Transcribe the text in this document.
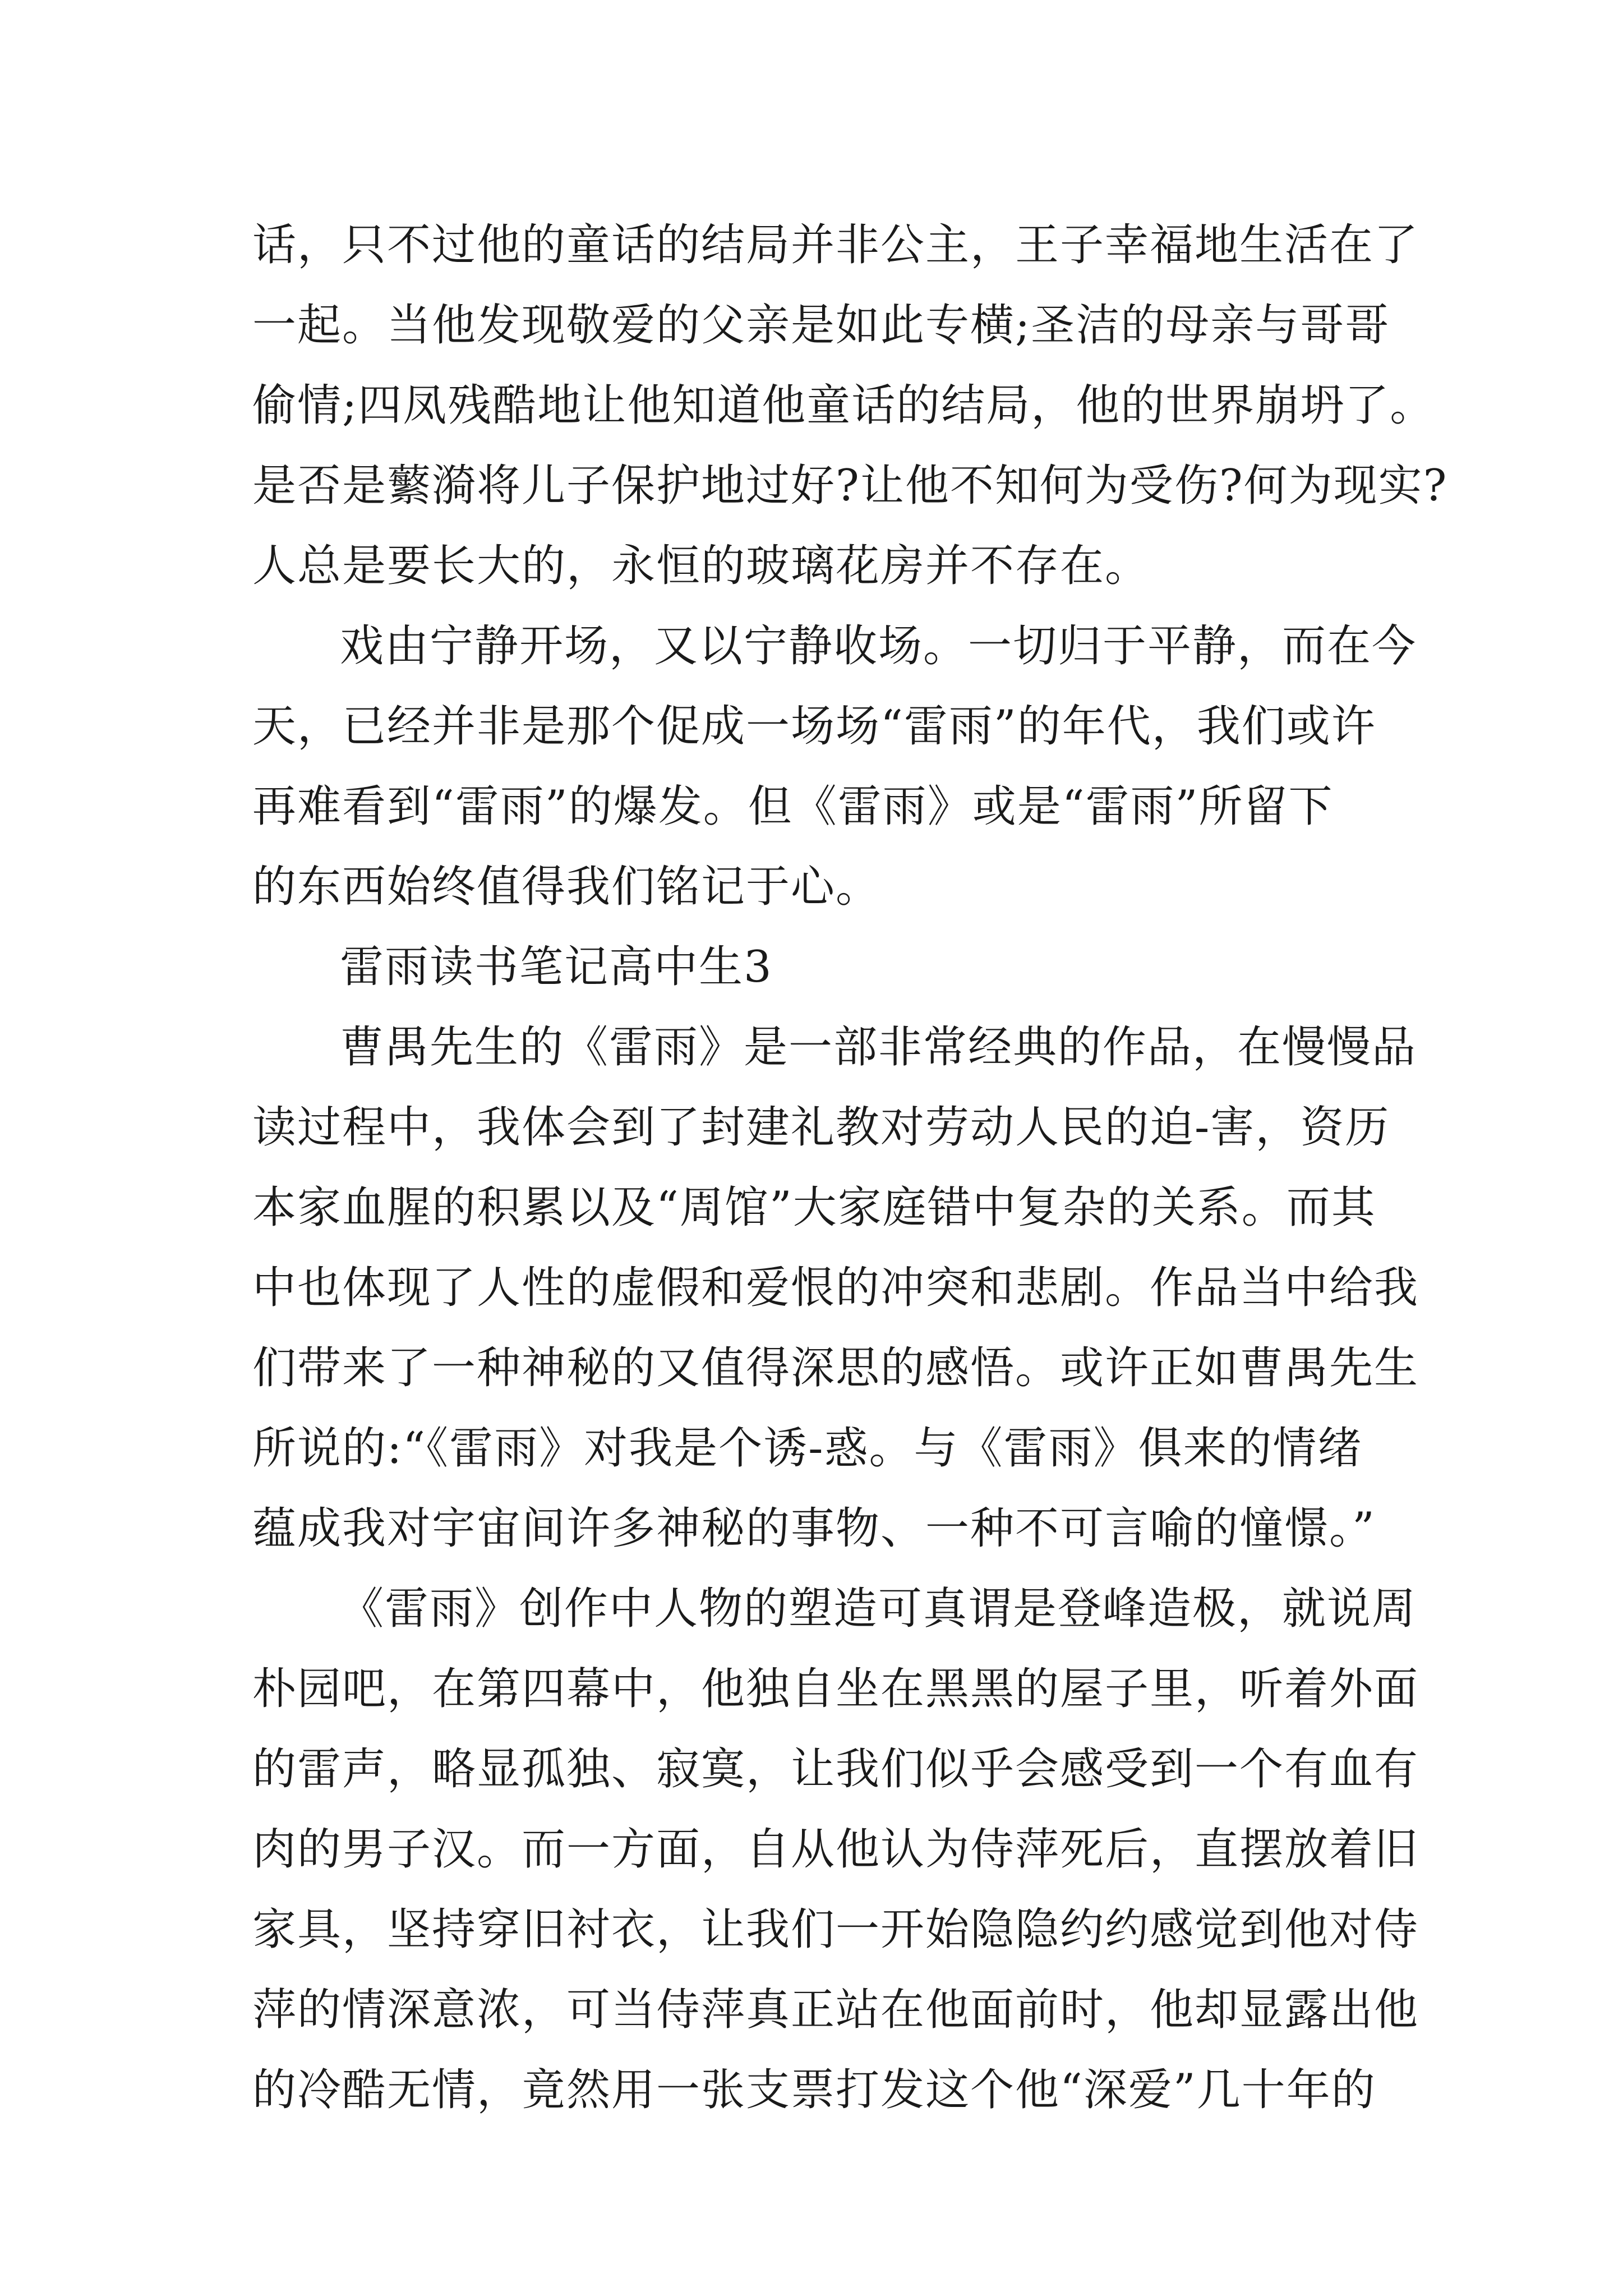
话，只不过他的童话的结局并非公主，王子幸福地生活在了
一起。当他发现敬爱的父亲是如此专横;圣洁的母亲与哥哥
偷情;四凤残酷地让他知道他童话的结局，他的世界崩坍了。
是否是蘩漪将儿子保护地过好?让他不知何为受伤?何为现实?
人总是要长大的，永恒的玻璃花房并不存在。
戏由宁静开场，又以宁静收场。一切归于平静，而在今
天，已经并非是那个促成一场场“雷雨”的年代，我们或许
再难看到“雷雨”的爆发。但《雷雨》或是“雷雨”所留下
的东西始终值得我们铭记于心。
雷雨读书笔记高中生3
曹禺先生的《雷雨》是一部非常经典的作品，在慢慢品
读过程中，我体会到了封建礼教对劳动人民的迫-害，资历
本家血腥的积累以及“周馆”大家庭错中复杂的关系。而其
中也体现了人性的虚假和爱恨的冲突和悲剧。作品当中给我
们带来了一种神秘的又值得深思的感悟。或许正如曹禺先生
所说的:“《雷雨》对我是个诱-惑。与《雷雨》俱来的情绪
蕴成我对宇宙间许多神秘的事物、一种不可言喻的憧憬。”
《雷雨》创作中人物的塑造可真谓是登峰造极，就说周
朴园吧，在第四幕中，他独自坐在黑黑的屋子里，听着外面
的雷声，略显孤独、寂寞，让我们似乎会感受到一个有血有
肉的男子汉。而一方面，自从他认为侍萍死后，直摆放着旧
家具，坚持穿旧衬衣，让我们一开始隐隐约约感觉到他对侍
萍的情深意浓，可当侍萍真正站在他面前时，他却显露出他
的冷酷无情，竟然用一张支票打发这个他“深爱”几十年的
